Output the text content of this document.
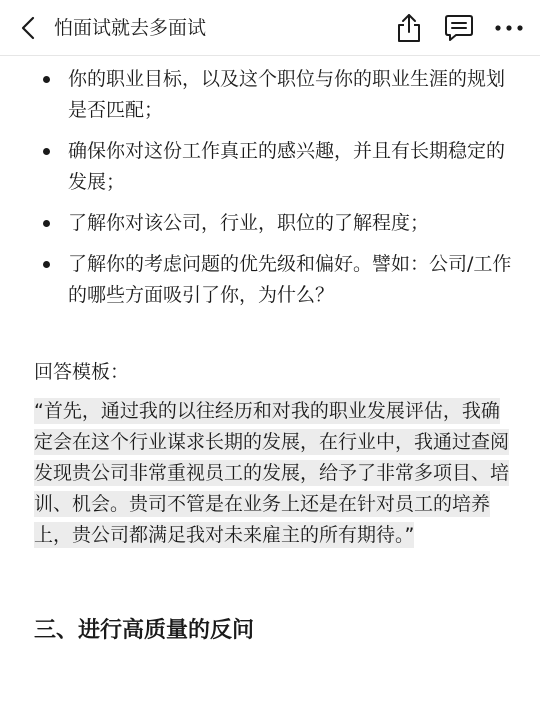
怕面试就去多面试
你的职业目标，以及这个职位与你的职业生涯的规划是否匹配；
确保你对这份工作真正的感兴趣，并且有长期稳定的发展；
了解你对该公司，行业，职位的了解程度；
了解你的考虑问题的优先级和偏好。譬如：公司/工作的哪些方面吸引了你，为什么？
回答模板：
“首先，通过我的以往经历和对我的职业发展评估，我确定会在这个行业谋求长期的发展，在行业中，我通过查阅发现贵公司非常重视员工的发展，给予了非常多项目、培训、机会。贵司不管是在业务上还是在针对员工的培养上，贵公司都满足我对未来雇主的所有期待。”
三、进行高质量的反问
